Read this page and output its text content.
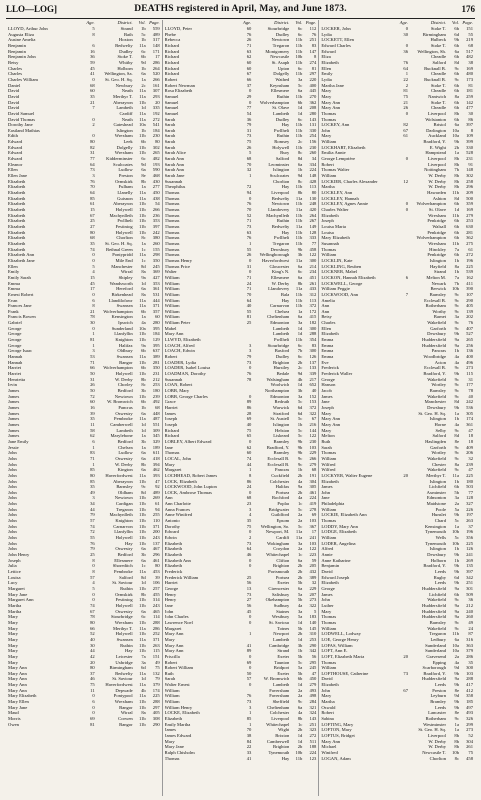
LLO—LOG]	DEATHS registered in April, May, and June 1873.	176
Age.	District.	Vol. Page.
LLOYD, Arthur John	5	Strand	1b	559
Augusta Eliza	8	Bath	5c	489
Ausine Amelia	Hoxton	1b	317
Benjamin	6	Bedwelty	11a	148
Benjamin	16	Dudley	6c	171
Benjamin John	36	Stoke T.	6b	17
Betsy	59	Whitby	9d	286
Charles	45	Holborn	1b	264
Charles	41	Wellington, Sa.	6a	520
Charles William	0	St. Geo. H. Sq.	1a	266
Daniel	68	Newbury	2c	161
David	60	Neath	11a	307
David	35	Merthyr T.	11a	293
David	21	Aberayron	11b	20
David	7	Lambeth	1d	335
David Samuel	Cardiff	11a	192
David Thomas	0	Neath	11a	272
Dorothy Jane	2	Gateshead	10a	541
Eastland Mathias	Islington	1b	184
Edith	0	Wrexham	11b	230
Edward	80	Leek	6b	80
Edward	82	Dolgelly	11b	302
Edward	31	Wrexham	11b	265
Edward	77	Kidderminster	6c	482
Eleanor	64	Sculcoates	9d	193
Ellen	73	Ludlow	6a	590
Ellen Jane	3	Preston	8e	468
Elizabeth	76	Ormskirk	8b	430
Elizabeth	70	Fulham	1a	277
Elizabeth	64	Llanelly	11a	450
Elizabeth	85	Guisnon	11a	438
Elizabeth	61	Aberayron	11b	54
Elizabeth	15	Holywell	11b	266
Elizabeth	67	Machynlleth	11b	236
Elizabeth	25	Pwllheli	11b	353
Elizabeth	27	Festiniog	11b	397
Elizabeth	80	Holywell	11b	242
Elizabeth	68	Chorlton	8c	380
Elizabeth	35	St. Geo. H. Sq.	1a	260
Elizabeth	74	Bethnal Green	1c	155
Elizabeth Ann	0	Pontypridd	11a	298
Elizabeth Jane	0	Mile End	1c	350
Ellen	5	Manchester	8d	245
Emily	4	Wirral	8a	369
Emily Sarah	15	Shipley	9a	427
Emma	45	Wandsworth	1d	353
Emma	17	Hereford	6a	361
Ernest Robert	0	Birkenhead	8a	531
Evan	6	Llandilofawr	11a	444
Frances Jane	8	Swansea	11a	371
Frank	21	Wolverhampton	6b	357
Francis Bowen	78	Kensington	1a	60
Gabriel	30	Ipswich	4a	280
George	0	Sunderland	10a	395
George	1	Llanfyllin	11b	184
George	81	Knighton	11b	129
George	1	Halifax	9a	395
George Isaac	3	Oldbury	6b	637
Hannah	53	Swansea	11a	389
Hannah	71	Bangor	11b	281
Harriet	66	Wolverhampton	6b	350
Harriet	50	Holywell	11b	231
Henrietta	31	W. Derby	8b	212
Irvin	26	Chorley	8c	253
James	50	Bedford	3b	180
James	72	Newtown	11b	239
James	60	W. Bromwich	6b	492
James	16	Pancras	1b	68
James	39	Oswestry	6a	448
James	35	Pembroke	11a	487
James	11	Camberwell	1d	551
James	58	Lambeth	1d	309
James	62	Marylebone	1a	345
Jane Emily	6	Bedford	3b	329
Jessie	1	Chelsea	1a	189
John	83	Ludlow	6a	611
John	71	Oswestry	6a	418
John	1	W. Derby	8b	394
John	85	Kington	6a	462
John	80	Haverfordwest	11a	393
John	85	Aberayron	11b	47
John	35	Barnsley	9c	92
John	49	Oldham	8d	489
John	3	Newtown	11b	269
John	34	Cardigan	11b	61
John	44	Tregaron	11b	94
John	79	Machynlleth	11b	255
John	57	Knighton	11b	110
John	74	Carnarvon	11b	371
John	72	Llanfyllin	11b	200
John	55	Holywell	11b	243
John	76	Hay	11b	137
John	79	Oswestry	6a	467
John Henry	25	Bedford	3b	296
Joseph	8	Ellesmere	6a	461
Julia	0	Shoreditch	1c	80
Lettice	8	Pembroke	11a	453
Louisa	57	Salford	8d	39
Lucy	4	St. Saviour	1d	106
Margaret	5	Ruthin	11b	257
Mary Jane	0	Ormskirk	8b	455
Margaret Ann	0	Festiniog	11b	314
Martha	74	Holywell	11b	243
Martha	67	Oswestry	6a	465
Mary	78	Stourbridge	6c	114
Mary	80	Wrexham	11b	288
Mary	66	Merthyr T.	11a	286
Mary	52	Holywell	11b	252
Mary	40	Swansea	11a	371
Mary	30	Ruthin	11b	263
Mary	44	Hay	11b	115
Mary	42	Leicester	7a	151
Mary	20	Uxbridge	3a	49
Mary Ann	80	Birmingham	6d	75
Mary Ann	37	Bedwelty	11a	132
Mary Ann	46	St. Saviour	1d	79
Mary Ann	75	Haverfordwest	11a	379
Mary Ann	11	Depwade	4b	174
Mary Elizabeth	0	Pontypool	11a	225
Mary Ellen	6	Wrexham	11b	288
Mary Jane	0	Bangor	11b	297
Maud	0	Wirral	8a	405
Morris	69	Corwen	11b	308
Owen	81	Bangor	11b	290
Age.	District.	Vol. Page.
LLOYD, Peter	60	Stourbridge	6c	112
Phebe	76	Dudley	6c	76
Rebecca	26	Newtown	11b	251
Richard	71	Tregaron	11b	83
Richard	63	Montgomery	11b	147
Richard	62	Newcastle	10b	8
Richard	60	St. Asaph	11b	274
Richard	60	Upton	6c	81
Richard	67	Dolgelly	11b	297
Robert	66	Wathed	3a	220
Robert Newman	37	Keynsham	5c	400
Rosa Elizabeth	0	Ellesmere	6a	445
Samuel	29	Ruthin	11b	270
Samuel	0	Wolverhampton	6b	362
Samuel	77	St. Olave	1d	208
Samuel	54	Lambeth	1d	280
Sarah	36	Dudley	6c	143
Sarah	79	Hay	11b	131
Sarah	31	Pwllheli	11b	330
Sarah	73	Ruthin	11b	254
Sarah	75	Romsey	2c	156
Sarah	26	Holywell	11b	230
Sarah Alice	5	Bury	8c	260
Sarah Ann	68	Salford	8d	34
Sarah Ann	70	Leominster	6a	334
Sarah Ann	32	Islington	1b	224
Sarah Jane	1	Sculcoates	9d	148
Susannah	Chorlton	8c	428
Theophilus	72	Hay	11b	113
Thomas	94	Liverpool	8b	80
Thomas	0	Bedwelty	11a	130
Thomas	76	Newtown	11b	248
Thomas	70	Llandovery	11a	420
Thomas	52	Machynlleth	11b	264
Thomas	71	Ruthin	11b	267
Thomas	73	Bedwelty	11a	149
Thomas	63	Hay	11b	128
Thomas	76	Pwllheli	11b	333
Thomas	1	Tregaron	11b	77
Thomas	55	Dewsbury	9b	458
Thomas	26	Wellingborough	3b	122
Thomas Henry	0	Haverfordwest	11a	300
Thomas Price	31	Gloucester	6a	214
Walter	0	King's N.	6c	234
William	71	Ellesmere	6a	451
William	24	W. Derby	8b	261
William	71	Llandovery	11a	433
William	70	Bala	11b	312
William	64	Hay	11b	113
William	40	Carnarvon	11b	372
William	55	Chelsea	1a	172
William	81	Cheltenham	6a	415
William Peter	25	Edmonton	3a	182
Mabel	Lambeth	1d	300
Mary Ann	Lambeth	1d	288
LLWYD, Elizabeth	Pwllheli	11b	354
LOACH, Alfred	3	Stourbridge	6c	83
LOACH, Edwin	3	Basford	7b	300
Robert	79	Dudley	6c	126
LOADER, Lydia	73	Brighton	2b	137
LOADER, Isabel Louisa	0	Hurstley	2c	133
LOADMAN, Dorothy	76	Bedale	9d	339
Susannah	78	Walsingham	4b	217
LOAN, Robert	Woolwich	1d	652
LOBB, Mary	Northampton	3b	40
LOBB, George Charles	0	Edmonton	3a	152
Grace	89	Redruth	5c	153
Harriet	86	Warwick	6d	372
James	28	Stratford	6d	322
Joseph	69	St. Austell	5c	67
Joseph	40	Islington	1b	216
Richard	75	Helston	5c	144
Richard	65	Liskeard	5c	122
LOBLEY, Albert Edward	0	Bramley	9b	230
Jane	62	Bradford, Y.	9b	103
Thomas	60	Bramley	9b	229
LOCAL, John	74	Ecclesall B.	9c	266
Mary	44	Ecclesall B.	9c	279
Margaret	1	Pancras	1b	68
LOCHHEAD, Robert James	8	Cuckfield	2b	191
LOCK, Elizabeth	86	Colchester	4a	304
LOCKWOOD, John Lupton	24	Halifax	9a	305
LOCK, Ambrose Thomas	0	Portsea	2b	461
Ann	68	Rochford	4a	224
Ann Charlotte	23	Poplar	1c	419
Anna Frances	3	Bridgwater	5c	278
Anne Winifred	4	Guildford	2a	69
Antonio	35	Epsom	2a	103
Dorothy	75	Wellington, So.	5c	367
Edward	0	Newport, M.	11a	17
Edwin	2	Cardiff	11a	241
Elizabeth	73	Wokingham	3a	103
Elizabeth	64	Croydon	2a	122
Elizabeth	46	Whitechapel	1c	223
Elizabeth Ann	0	Clifton	6a	59
Elizabeth	0	Brighton	2b	205
Frederick	Portsmouth	2b	432
Frederick William	25	Portsea	2b	389
Harriet	56	Exeter	5b	32
George	13	Cirencester	6a	229
Henry	73	Salisbury	5a	207
Henry	27	Okehampton	5b	273
Jane	56	Sudbury	4a	322
John	45	Staines	3a	5
John Charles	0	Westbury	5a	183
Lawrence Noel	0	St. Saviour	1d	140
Margaret	Totnes	5b	145
Mary Ann	1	Newport	2b	310
Mary	Lambeth	1d	253
Mary Ann	41	Cambridge	3b	290
Mary Ann	89	Strand	1b	342
Priscilla	0	Exeter	5b	56
Robert	69	Taunton	5c	295
Robert William	0	Bridport	5a	245
Ruth	50	Exeter	5b	47
Sarah	57	W. Bromwich	6b	450
Walter Ernest	0	Lambeth	1d	279
William	Faversham	2a	493
William	76	Faversham	2a	498
William	73	Sheffield	9c	284
William Henry	3	Cheltenham	6a	321
LOCKE, Elizabeth	1	Colchester	4a	324
Elizabeth	85	Liverpool	8b	143
Emily Martha	1	Whitechapel	1c	251
James	70	Wight	2b	323
James Edward	38	Brixton	1d	272
Mary	84	Camberwell	1d	511
Mary Jane	22	Brighton	2b	188
Ralph Chisholm	33	Tynemouth	10b	224
Thomas	41	Hay	11b	123
Age.	District.	Vol. Page.
LOCKER, John	0	Stoke T.	6b	151
Lydia	30	Birmingham	6d	55
LOCKETT, Ellen	Hulbeck	9b	219
Edward Charles	0	Stoke T.	6b	68
Edward	36	Wellington, Sh.	6a	517
Eliza	Cheadle	6b	482
Elizabeth	76	Salford	8d	38
Ellen	64	Bucknall B.	9c	169
Emily	1	Cheadle	6b	480
Lydia	22	Bucknall B.	9c	173
Martha Jane	2	Stoke T.	6b	81
Mary	81	Cheadle	6b	181
Mary	75	Nantwich	8a	259
Mary Ann	21	Stoke T.	6b	142
Mary Ann	26	Cheadle	6b	477
Thomas	0	Liverpool	8b	30
Thomas	Wolstanton	6b	86
LOCKEY, Ann	82	Bristol	6a	397
John	67	Darlington	10a	8
Mary	61	Auckland	10a	109
William	Bradford, Y.	9b	399
LOCKHART, Elizabeth	E. Wight	2b	330
Emilia Annie	Hampstead	1a	528
George Lemprière	0	Liverpool	8b	231
Robert	Liverpool	8b	91
Thomas Walter	Nottingham	7b	148
William	W. Derby	8b	302
LOCKIER, Charles Alexander	12	W. Derby	8b	258
Martha	W. Derby	8b	296
LOCKLEY, Ann	Hawarden	11b	209
LOCKLEY, Hannah	Ashton	8d	500
LOCKLEY, Agnes Annie	0	Wolverhampton	6b	359
Charles Walter	0	St. Olave	1d	169
Elizabeth	Wrexham	11b	279
Joseph	Penkridge	6b	253
Louisa Maria	Walsall	6b	630
Louisa	Penkridge	6b	281
Mary Elizabeth	Wolverhampton	6b	362
Susannah	Wrexham	11b	275
Thomas	Hinckley	7a	61
William	Penkridge	6b	272
LOCKLIN, Kate	Islington	1b	196
LOCKLING, Reuben	Hayfield	8a	225
LOCKNER, Mabel	Strand	1b	539
LOCKON, Hannah Elizabeth	6	Melton M.	7a	162
LOCKWELL, George	Newark	7b	411
William Peggie	Berwick	10b	390
LOCKWOOD, Ann	7	Barnsley	9c	107
Amelia	Ecclesall B.	9c	290
Ann	Rotherham	9c	405
Ann	Worthy	9c	139
Betsy	Barnet	3a	202
Charles	Wakefield	9c	76
Ellen	Garforth	9c	407
Elizabeth	Dewsbury	9b	527
Emma	Huddersfield	9a	265
Emma	Huddersfield	9a	256
Emma	Pancras	1b	136
Emma	Woodbridge	4a	400
Eve	Acton	4a	496
Frederick	Ecclesall B.	9c	273
Frederick Waller	Bradford, Y.	9b	115
George	Wakefield	9c	31
Hanson	Wortley	9c	177
Jacob	Barnsley	9c	78
James	Wakefield	9c	40
Jane	Manchester	8d	242
Joseph	Dewsbury	9b	536
Mary	St. Geo. H. Sq.	1a	305
Mary Ann	Islington	1b	174
Mary Ann	Horne	4a	361
Mary	Selby	9c	47
Melton	Salford	8d	18
Ruth	Haslingden	8e	18
Sarah	Garforth	9c	409
Thomas	Wortley	9c	206
William	Wakefield	9c	32
Wilfred	Chester	8a	239
Wilfred	Wakefield	9c	47
LOCKYER, Walter Eugene	20	Merthyr T.	11a	225
Elizabeth	Islington	1b	180
James	Lichfield	6b	503
John	Axminster	5b	77
Jane	Edmonton	3a	128
Philadelphia	Maidstone	2a	327
William	Poole	5a	226
LOCKIE, Elizabeth Ann	Hunslet	9b	197
Thomas	Chard	5c	263
LODDY, Mary Ann	Kensington	1a	37
LODGE, Elizabeth	Tynemouth	10b	196
William	Wells	5c	356
LODER, Angelina	Tynemouth	10b	225
Alfred	Islington	1b	126
Annie	Dewsbury	9b	241
Anne Katharine	Holborn	1b	269
Benjamin	Bradford, Y.	9b	135
David	Leeds	9b	397
Edward Joseph	Rugby	6d	342
Elizabeth	Leeds	9b	251
George	Huddersfield	9a	301
James	Lichfield	6b	509
John	Wakefield	9c	36
Luther	Huddersfield	9a	212
Mary	Huddersfield	9a	240
Thomas	Huddersfield	9a	260
Thomas	Barnsley	9c	49
William	Wakefield	9c	24
LODWELL, Lodway	Tregaron	11b	87
LOE, George Henry	Ledbury	6a	316
LOFAS, William	Sunderland	10a	363
LOFT, Ann E.	Sunderland	10a	379
LOFT, Elizabeth Maria	20	Gravesend	2a	286
Thomas	Epping	4a	35
William	Scarborough	9d	300
LOFTHOUSE, Catherine	73	Bradford, Y.	9b	103
David	Huddersfield	9a	288
Elizabeth	Leeds	9b	417
John	67	Preston	8e	412
Mary	Leyburn	9d	358
Martha	Bramley	9b	185
Oswald	Leeds	9b	497
Robert	Lancaster	8e	493
Sabina	Rotherham	9c	326
LOFTING, Mary	Westminster	1a	299
LOFTON, Mary	St. Geo. H. Sq.	1a	273
LOFTUS, Bridget	Liverpool	8b	52
Mary Ann	W. Derby	8b	304
Michael	W. Derby	8b	261
Winifred	Newcastle T.	10b	75
LOGAN, Adam	Chorlton	8c	458
